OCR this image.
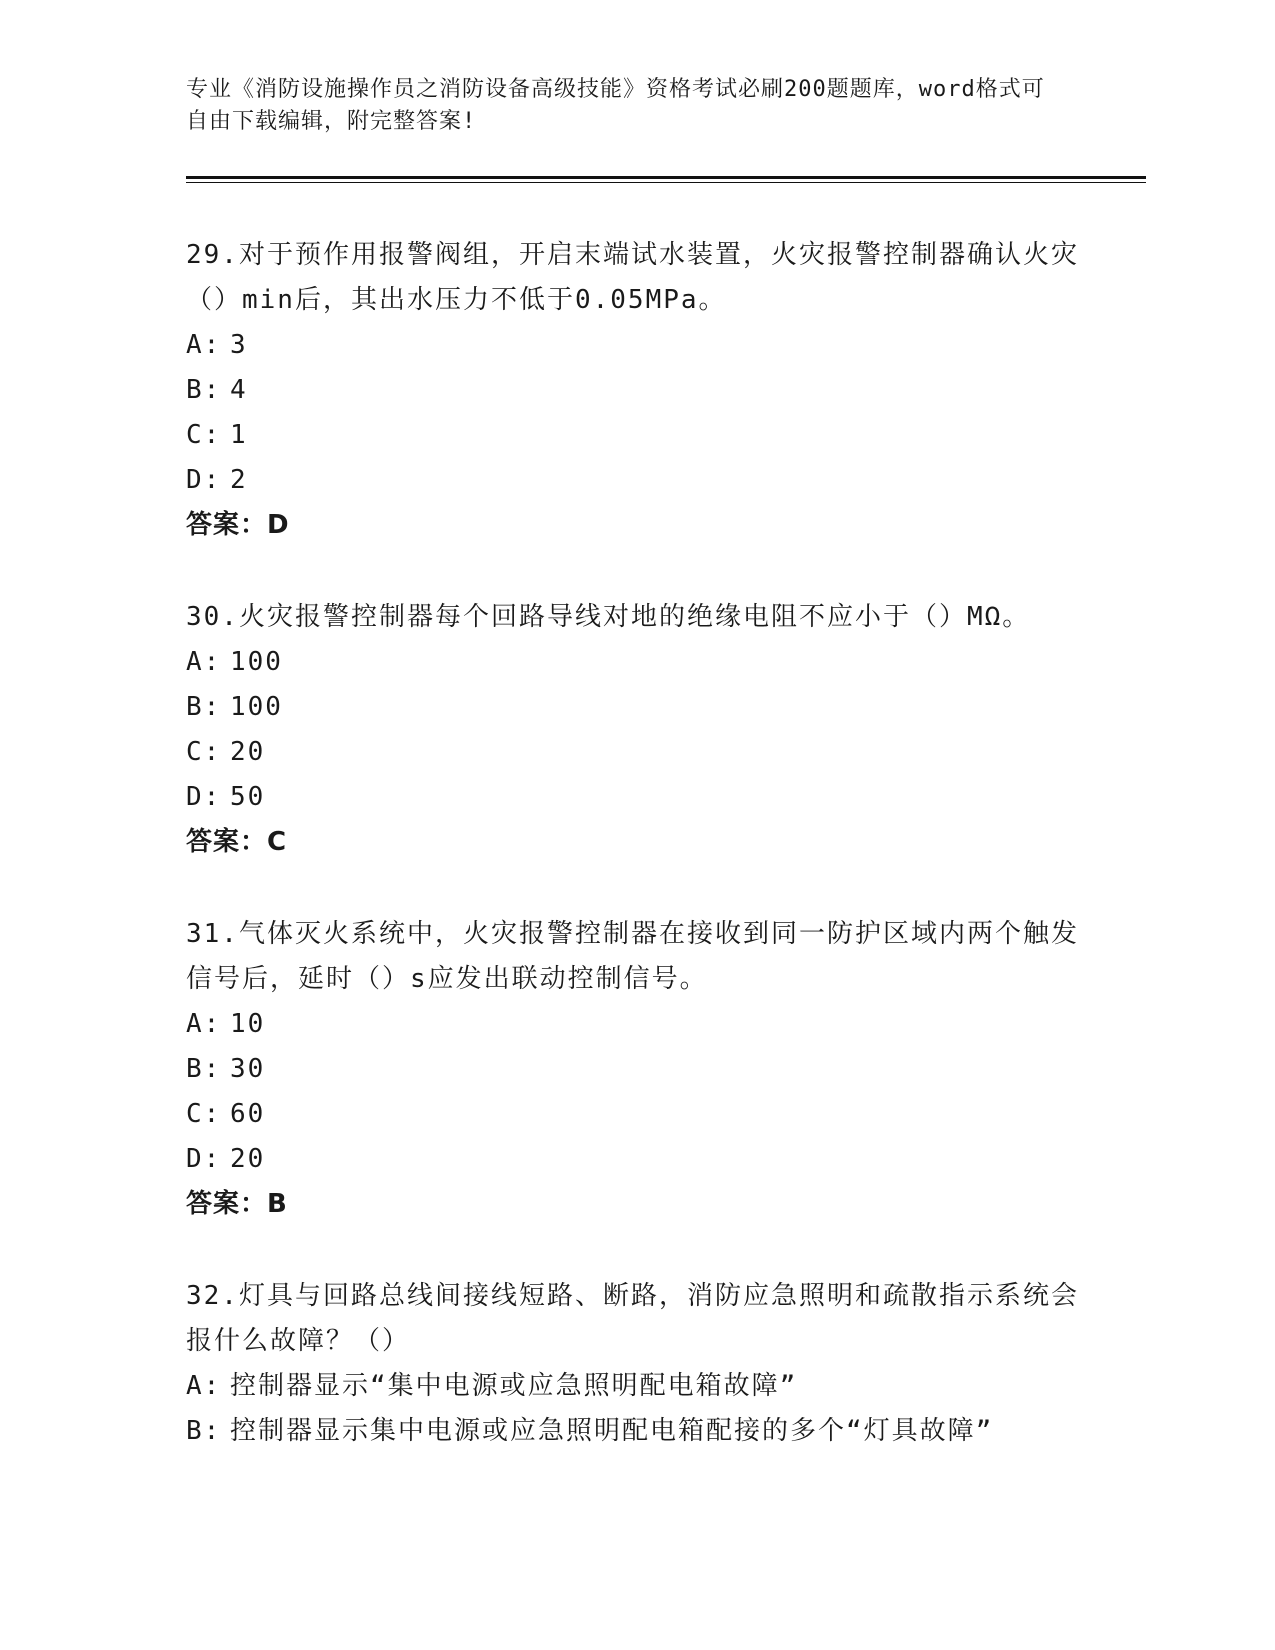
专业《消防设施操作员之消防设备高级技能》资格考试必刷200题题库，word格式可自由下载编辑，附完整答案!
29.对于预作用报警阀组，开启末端试水装置，火灾报警控制器确认火灾（）min后，其出水压力不低于0.05MPa。
A: 3
B: 4
C: 1
D: 2
答案：D
30.火灾报警控制器每个回路导线对地的绝缘电阻不应小于（）MΩ。
A: 100
B: 100
C: 20
D: 50
答案：C
31.气体灭火系统中，火灾报警控制器在接收到同一防护区域内两个触发信号后，延时（）s应发出联动控制信号。
A: 10
B: 30
C: 60
D: 20
答案：B
32.灯具与回路总线间接线短路、断路，消防应急照明和疏散指示系统会报什么故障？（）
A: 控制器显示“集中电源或应急照明配电箱故障”
B: 控制器显示集中电源或应急照明配电箱配接的多个“灯具故障”
